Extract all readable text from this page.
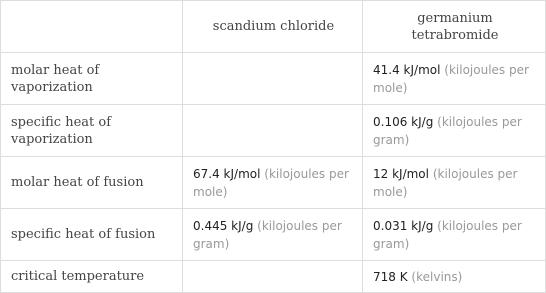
	scandium chloride	germanium tetrabromide
molar heat of vaporization		41.4 kJ/mol (kilojoules per mole)
specific heat of vaporization		0.106 kJ/g (kilojoules per gram)
molar heat of fusion	67.4 kJ/mol (kilojoules per mole)	12 kJ/mol (kilojoules per mole)
specific heat of fusion	0.445 kJ/g (kilojoules per gram)	0.031 kJ/g (kilojoules per gram)
critical temperature		718 K (kelvins)
